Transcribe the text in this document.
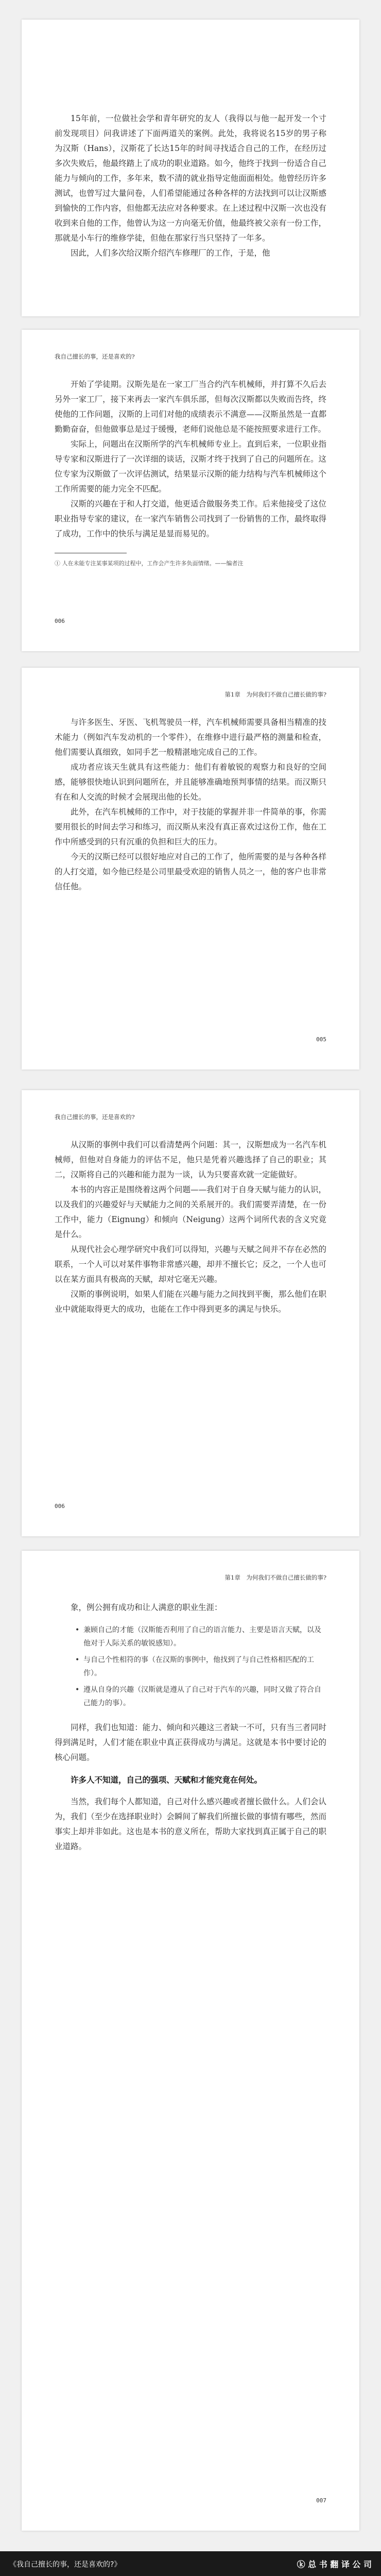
15年前，一位做社会学和青年研究的友人（我得以与他一起开发一个寸前发现项目）问我讲述了下面两道关的案例。此处，我将说名15岁的男子称为汉斯（Hans），汉斯花了长达15年的时间寻找适合自己的工作，在经历过多次失败后，他最终踏上了成功的职业道路。如今，他终于找到一份适合自己能力与倾向的工作，多年来，数不清的就业指导定他面面相处。他曾经历许多测试，也曾写过大量问卷，人们希望能通过各种各样的方法找到可以让汉斯感到愉快的工作内容，但他都无法应对各种要求。在上述过程中汉斯一次也没有收到来自他的工作，他曾认为这一方向毫无价值，他最终被父亲有一份工作，那就是小车行的维修学徒，但他在那家行当只坚持了一年多。

因此，人们多次给汉斯介绍汽车修理厂的工作，于是，他

我自己擅长的事，还是喜欢的?

开始了学徒期。汉斯先是在一家工厂当合约汽车机械师，并打算不久后去另外一家工厂，接下来再去一家汽车俱乐部，但每次汉斯都以失败而告终，终使他的工作问题，汉斯的上司们对他的成绩表示不满意——汉斯虽然是一直都勤勤奋奋，但他做事总是过于缓慢，老师们说他总是不能按照要求进行工作。

实际上，问题出在汉斯所学的汽车机械师专业上。直到后来，一位职业指导专家和汉斯进行了一次详细的谈话，汉斯才终于找到了自己的问题所在。这位专家为汉斯做了一次评估测试，结果显示汉斯的能力结构与汽车机械师这个工作所需要的能力完全不匹配。

汉斯的兴趣在于和人打交道，他更适合做服务类工作。后来他接受了这位职业指导专家的建议，在一家汽车销售公司找到了一份销售的工作，最终取得了成功，工作中的快乐与满足是显而易见的。

① 人在未能专注某事某项的过程中，工作会产生许多负面情绪。——编者注
006
第1章　为何我们不做自己擅长做的事?

与许多医生、牙医、飞机驾驶员一样，汽车机械师需要具备相当精准的技术能力（例如汽车发动机的一个零件），在维修中进行最严格的测量和检查，他们需要认真细致，如同手艺一般精湛地完成自己的工作。

成功者应该天生就具有这些能力：他们有着敏锐的观察力和良好的空间感，能够很快地认识到问题所在，并且能够准确地预判事情的结果。而汉斯只有在和人交流的时候才会展现出他的长处。

此外，在汽车机械师的工作中，对于技能的掌握并非一件简单的事，你需要用很长的时间去学习和练习，而汉斯从来没有真正喜欢过这份工作，他在工作中所感受到的只有沉重的负担和巨大的压力。

今天的汉斯已经可以很好地应对自己的工作了，他所需要的是与各种各样的人打交道，如今他已经是公司里最受欢迎的销售人员之一，他的客户也非常信任他。

005
我自己擅长的事，还是喜欢的?

从汉斯的事例中我们可以看清楚两个问题：其一，汉斯想成为一名汽车机械师，但他对自身能力的评估不足，他只是凭着兴趣选择了自己的职业；其二，汉斯将自己的兴趣和能力混为一谈，认为只要喜欢就一定能做好。

本书的内容正是围绕着这两个问题——我们对于自身天赋与能力的认识，以及我们的兴趣爱好与天赋能力之间的关系展开的。我们需要弄清楚，在一份工作中，能力（Eignung）和倾向（Neigung）这两个词所代表的含义究竟是什么。

从现代社会心理学研究中我们可以得知，兴趣与天赋之间并不存在必然的联系，一个人可以对某件事物非常感兴趣，却并不擅长它；反之，一个人也可以在某方面具有极高的天赋，却对它毫无兴趣。

汉斯的事例说明，如果人们能在兴趣与能力之间找到平衡，那么他们在职业中就能取得更大的成功，也能在工作中得到更多的满足与快乐。

006
第1章　为何我们不做自己擅长做的事?

象，例公拥有成功和让人满意的职业生涯：

• 兼顾自己的才能（汉斯能否利用了自己的语言能力、主要是语言天赋，以及他对于人际关系的敏锐感知）。
• 与自己个性相符的事（在汉斯的事例中，他找到了与自己性格相匹配的工作）。
• 遵从自身的兴趣（汉斯就是遵从了自己对于汽车的兴趣，同时又做了符合自己能力的事）。

同样，我们也知道：能力、倾向和兴趣这三者缺一不可，只有当三者同时得到满足时，人们才能在职业中真正获得成功与满足。这就是本书中要讨论的核心问题。

许多人不知道，自己的强项、天赋和才能究竟在何处。

当然，我们每个人都知道，自己对什么感兴趣或者擅长做什么。人们会认为，我们（至少在选择职业时）会瞬间了解我们所擅长做的事情有哪些，然而事实上却并非如此。这也是本书的意义所在，帮助大家找到真正属于自己的职业道路。

007
《我自己擅长的事，还是喜欢的?》	ⓚ 总 书 翻 译 公 司
